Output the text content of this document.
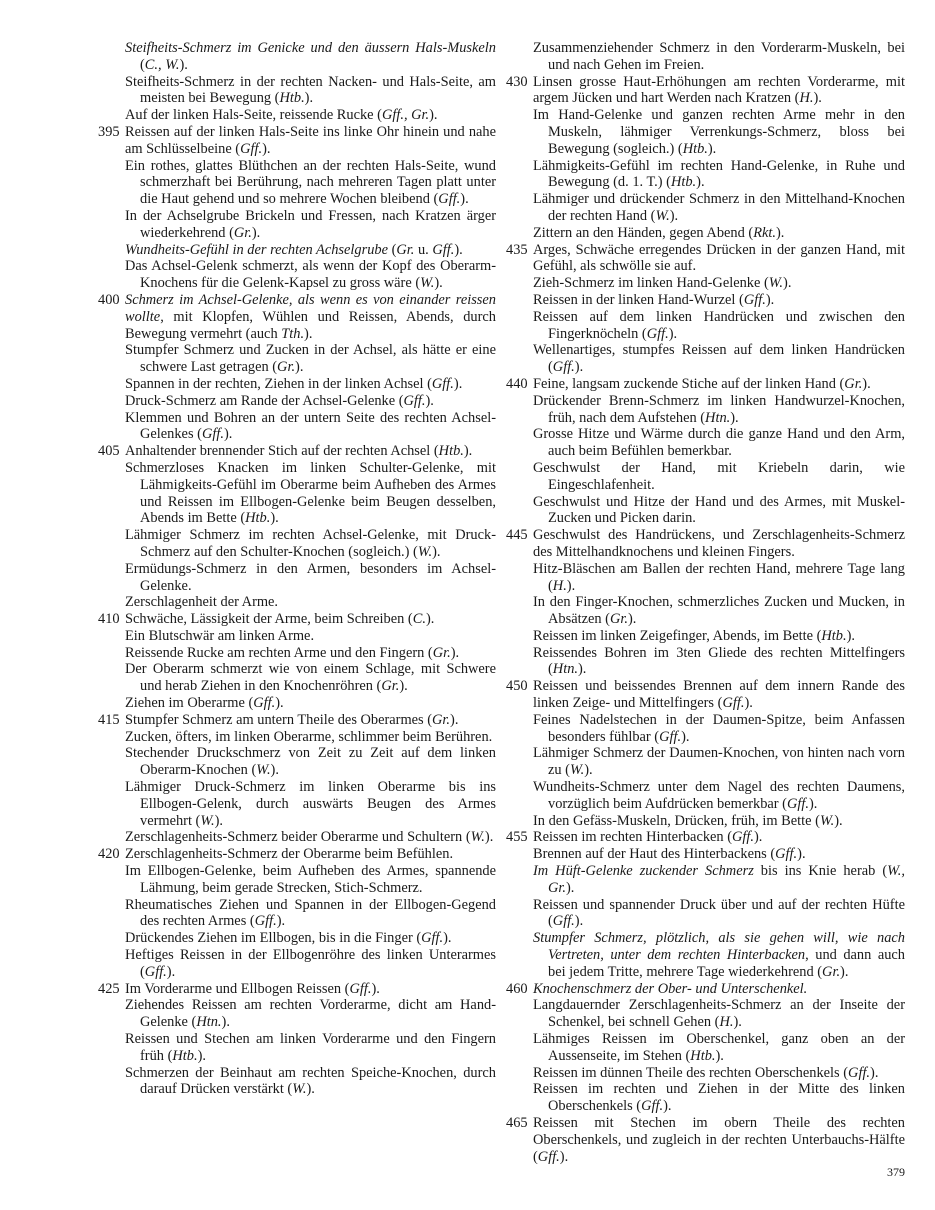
Steifheits-Schmerz im Genicke und den äussern Hals-Muskeln (C., W.).

Steifheits-Schmerz in der rechten Nacken- und Hals-Seite, am meisten bei Bewegung (Htb.).

Auf der linken Hals-Seite, reissende Rucke (Gff., Gr.).

395 Reissen auf der linken Hals-Seite ins linke Ohr hinein und nahe am Schlüsselbeine (Gff.).

Ein rothes, glattes Blüthchen an der rechten Hals-Seite, wund schmerzhaft bei Berührung, nach mehreren Tagen platt unter die Haut gehend und so mehrere Wochen bleibend (Gff.).

In der Achselgrube Brickeln und Fressen, nach Kratzen ärger wiederkehrend (Gr.).

Wundheits-Gefühl in der rechten Achselgrube (Gr. u. Gff.).

Das Achsel-Gelenk schmerzt, als wenn der Kopf des Oberarm-Knochens für die Gelenk-Kapsel zu gross wäre (W.).

400 Schmerz im Achsel-Gelenke, als wenn es von einander reissen wollte, mit Klopfen, Wühlen und Reissen, Abends, durch Bewegung vermehrt (auch Tth.).

Stumpfer Schmerz und Zucken in der Achsel, als hätte er eine schwere Last getragen (Gr.).

Spannen in der rechten, Ziehen in der linken Achsel (Gff.).

Druck-Schmerz am Rande der Achsel-Gelenke (Gff.).

Klemmen und Bohren an der untern Seite des rechten Achsel-Gelenkes (Gff.).

405 Anhaltender brennender Stich auf der rechten Achsel (Htb.).

Schmerzloses Knacken im linken Schulter-Gelenke, mit Lähmigkeits-Gefühl im Oberarme beim Aufheben des Armes und Reissen im Ellbogen-Gelenke beim Beugen desselben, Abends im Bette (Htb.).

Lähmiger Schmerz im rechten Achsel-Gelenke, mit Druck-Schmerz auf den Schulter-Knochen (sogleich.) (W.).

Ermüdungs-Schmerz in den Armen, besonders im Achsel-Gelenke.

Zerschlagenheit der Arme.

410 Schwäche, Lässigkeit der Arme, beim Schreiben (C.).

Ein Blutschwär am linken Arme.

Reissende Rucke am rechten Arme und den Fingern (Gr.).

Der Oberarm schmerzt wie von einem Schlage, mit Schwere und herab Ziehen in den Knochenröhren (Gr.).

Ziehen im Oberarme (Gff.).

415 Stumpfer Schmerz am untern Theile des Oberarmes (Gr.).

Zucken, öfters, im linken Oberarme, schlimmer beim Berühren.

Stechender Druckschmerz von Zeit zu Zeit auf dem linken Oberarm-Knochen (W.).

Lähmiger Druck-Schmerz im linken Oberarme bis ins Ellbogen-Gelenk, durch auswärts Beugen des Armes vermehrt (W.).

Zerschlagenheits-Schmerz beider Oberarme und Schultern (W.).

420 Zerschlagenheits-Schmerz der Oberarme beim Befühlen.

Im Ellbogen-Gelenke, beim Aufheben des Armes, spannende Lähmung, beim gerade Strecken, Stich-Schmerz.

Rheumatisches Ziehen und Spannen in der Ellbogen-Gegend des rechten Armes (Gff.).

Drückendes Ziehen im Ellbogen, bis in die Finger (Gff.).

Heftiges Reissen in der Ellbogenröhre des linken Unterarmes (Gff.).

425 Im Vorderarme und Ellbogen Reissen (Gff.).

Ziehendes Reissen am rechten Vorderarme, dicht am Hand-Gelenke (Htn.).

Reissen und Stechen am linken Vorderarme und den Fingern früh (Htb.).

Schmerzen der Beinhaut am rechten Speiche-Knochen, durch darauf Drücken verstärkt (W.).

Zusammenziehender Schmerz in den Vorderarm-Muskeln, bei und nach Gehen im Freien.

430 Linsen grosse Haut-Erhöhungen am rechten Vorderarme, mit argem Jücken und hart Werden nach Kratzen (H.).

Im Hand-Gelenke und ganzen rechten Arme mehr in den Muskeln, lähmiger Verrenkungs-Schmerz, bloss bei Bewegung (sogleich.) (Htb.).

Lähmigkeits-Gefühl im rechten Hand-Gelenke, in Ruhe und Bewegung (d. 1. T.) (Htb.).

Lähmiger und drückender Schmerz in den Mittelhand-Knochen der rechten Hand (W.).

Zittern an den Händen, gegen Abend (Rkt.).

435 Arges, Schwäche erregendes Drücken in der ganzen Hand, mit Gefühl, als schwölle sie auf.

Zieh-Schmerz im linken Hand-Gelenke (W.).

Reissen in der linken Hand-Wurzel (Gff.).

Reissen auf dem linken Handrücken und zwischen den Fingerknöcheln (Gff.).

Wellenartiges, stumpfes Reissen auf dem linken Handrücken (Gff.).

440 Feine, langsam zuckende Stiche auf der linken Hand (Gr.).

Drückender Brenn-Schmerz im linken Handwurzel-Knochen, früh, nach dem Aufstehen (Htn.).

Grosse Hitze und Wärme durch die ganze Hand und den Arm, auch beim Befühlen bemerkbar.

Geschwulst der Hand, mit Kriebeln darin, wie Eingeschlafenheit.

Geschwulst und Hitze der Hand und des Armes, mit Muskel-Zucken und Picken darin.

445 Geschwulst des Handrückens, und Zerschlagenheits-Schmerz des Mittelhandknochens und kleinen Fingers.

Hitz-Bläschen am Ballen der rechten Hand, mehrere Tage lang (H.).

In den Finger-Knochen, schmerzliches Zucken und Mucken, in Absätzen (Gr.).

Reissen im linken Zeigefinger, Abends, im Bette (Htb.).

Reissendes Bohren im 3ten Gliede des rechten Mittelfingers (Htn.).

450 Reissen und beissendes Brennen auf dem innern Rande des linken Zeige- und Mittelfingers (Gff.).

Feines Nadelstechen in der Daumen-Spitze, beim Anfassen besonders fühlbar (Gff.).

Lähmiger Schmerz der Daumen-Knochen, von hinten nach vorn zu (W.).

Wundheits-Schmerz unter dem Nagel des rechten Daumens, vorzüglich beim Aufdrücken bemerkbar (Gff.).

In den Gefäss-Muskeln, Drücken, früh, im Bette (W.).

455 Reissen im rechten Hinterbacken (Gff.).

Brennen auf der Haut des Hinterbackens (Gff.).

Im Hüft-Gelenke zuckender Schmerz bis ins Knie herab (W., Gr.).

Reissen und spannender Druck über und auf der rechten Hüfte (Gff.).

Stumpfer Schmerz, plötzlich, als sie gehen will, wie nach Vertreten, unter dem rechten Hinterbacken, und dann auch bei jedem Tritte, mehrere Tage wiederkehrend (Gr.).

460 Knochenschmerz der Ober- und Unterschenkel.

Langdauernder Zerschlagenheits-Schmerz an der Inseite der Schenkel, bei schnell Gehen (H.).

Lähmiges Reissen im Oberschenkel, ganz oben an der Aussenseite, im Stehen (Htb.).

Reissen im dünnen Theile des rechten Oberschenkels (Gff.).

Reissen im rechten und Ziehen in der Mitte des linken Oberschenkels (Gff.).

465 Reissen mit Stechen im obern Theile des rechten Oberschenkels, und zugleich in der rechten Unterbauchs-Hälfte (Gff.).

379
